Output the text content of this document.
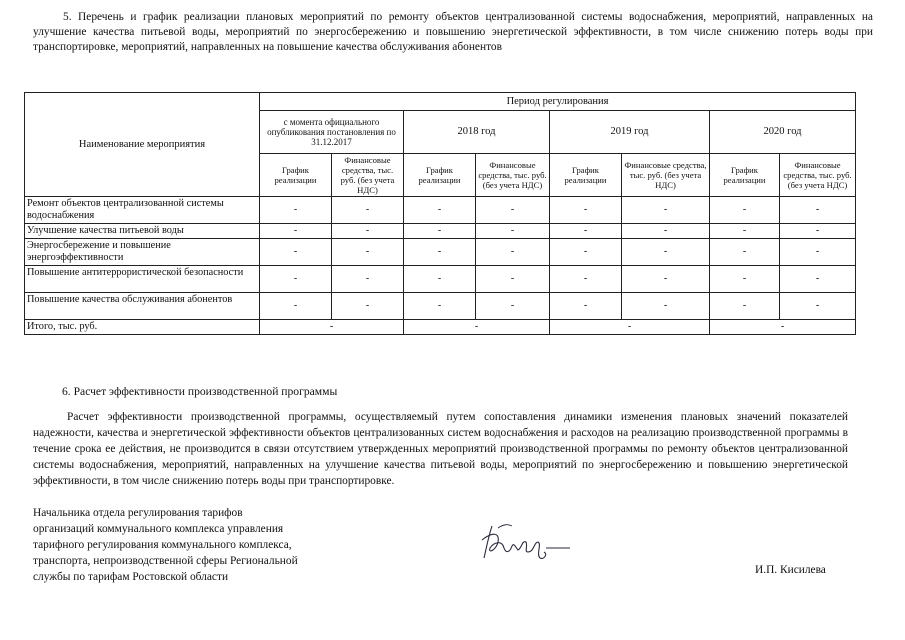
5. Перечень и график реализации плановых мероприятий по ремонту объектов централизованной системы водоснабжения, мероприятий, направленных на улучшение качества питьевой воды, мероприятий по энергосбережению и повышению энергетической эффективности, в том числе снижению потерь воды при транспортировке, мероприятий, направленных на повышение качества обслуживания абонентов
Наименование мероприятия	Период регулирования							
	с момента официального опубликования постановления по 31.12.2017		2018 год		2019 год		2020 год	
	График реализации	Финансовые средства, тыс. руб. (без учета НДС)	График реализации	Финансовые средства, тыс. руб. (без учета НДС)	График реализации	Финансовые средства, тыс. руб. (без учета НДС)	График реализации	Финансовые средства, тыс. руб. (без учета НДС)
Ремонт объектов централизованной системы водоснабжения	-	-	-	-	-	-	-	-
Улучшение качества питьевой воды	-	-	-	-	-	-	-	-
Энергосбережение и повышение энергоэффективности	-	-	-	-	-	-	-	-
Повышение антитеррористической безопасности	-	-	-	-	-	-	-	-
Повышение качества обслуживания абонентов	-	-	-	-	-	-	-	-
Итого, тыс. руб.	-		-		-		-	
6. Расчет эффективности производственной программы
Расчет эффективности производственной программы, осуществляемый путем сопоставления динамики изменения плановых значений показателей надежности, качества и энергетической эффективности объектов централизованных систем водоснабжения и расходов на реализацию производственной программы в течение срока ее действия, не производится в связи отсутствием утвержденных мероприятий производственной программы по ремонту объектов централизованной системы водоснабжения, мероприятий, направленных на улучшение качества питьевой воды, мероприятий по энергосбережению и повышению энергетической эффективности, в том числе снижению потерь воды при транспортировке.
Начальника отдела регулирования тарифов
организаций коммунального комплекса управления
тарифного регулирования коммунального комплекса,
транспорта, непроизводственной сферы Региональной
службы по тарифам Ростовской области
И.П. Кисилева
